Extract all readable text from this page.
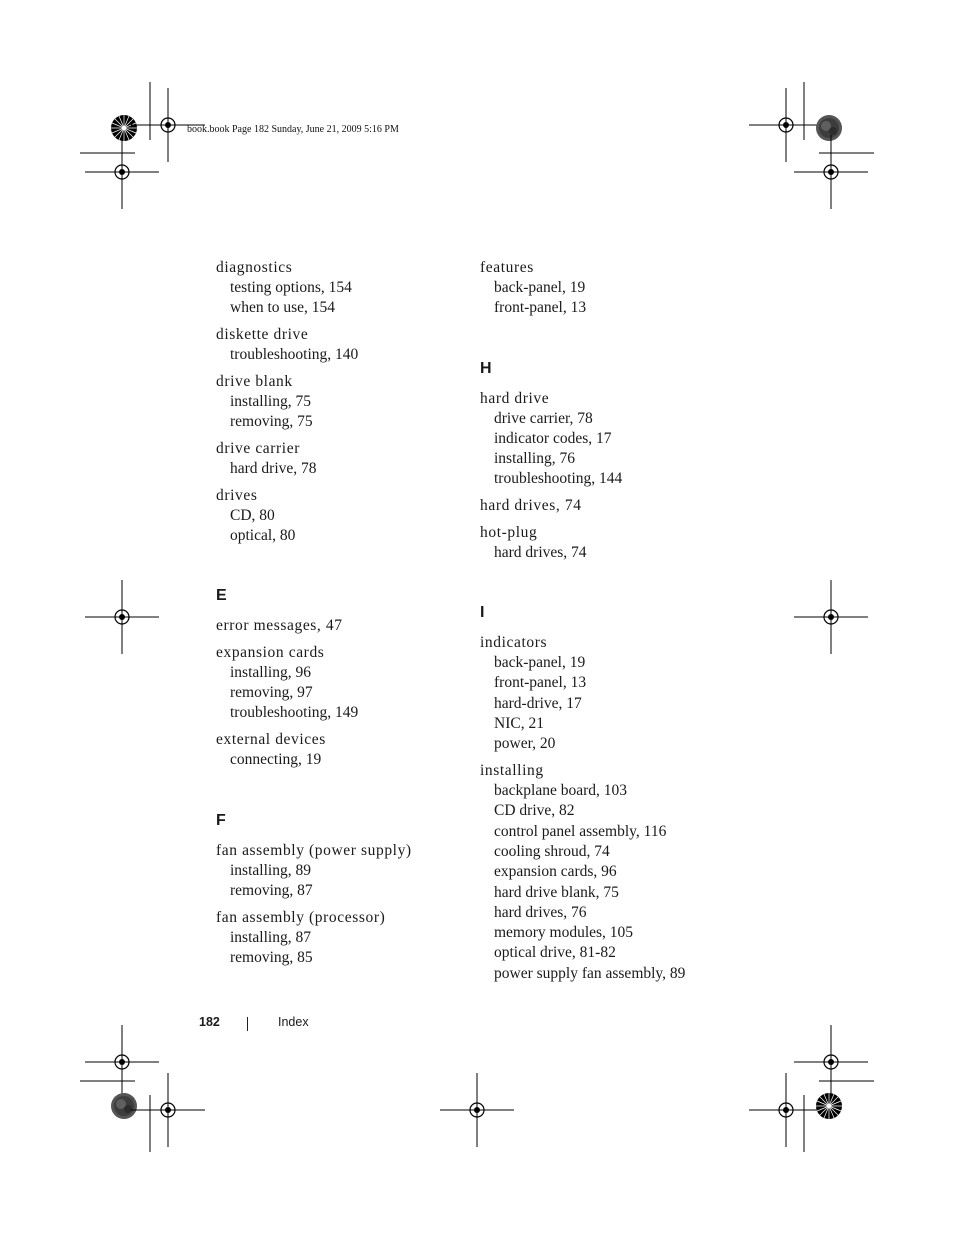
book.book Page 182 Sunday, June 21, 2009 5:16 PM
diagnostics
testing options, 154
when to use, 154
diskette drive
troubleshooting, 140
drive blank
installing, 75
removing, 75
drive carrier
hard drive, 78
drives
CD, 80
optical, 80
E
error messages, 47
expansion cards
installing, 96
removing, 97
troubleshooting, 149
external devices
connecting, 19
F
fan assembly (power supply)
installing, 89
removing, 87
fan assembly (processor)
installing, 87
removing, 85
features
back-panel, 19
front-panel, 13
H
hard drive
drive carrier, 78
indicator codes, 17
installing, 76
troubleshooting, 144
hard drives, 74
hot-plug
hard drives, 74
I
indicators
back-panel, 19
front-panel, 13
hard-drive, 17
NIC, 21
power, 20
installing
backplane board, 103
CD drive, 82
control panel assembly, 116
cooling shroud, 74
expansion cards, 96
hard drive blank, 75
hard drives, 76
memory modules, 105
optical drive, 81-82
power supply fan assembly, 89
182	Index
